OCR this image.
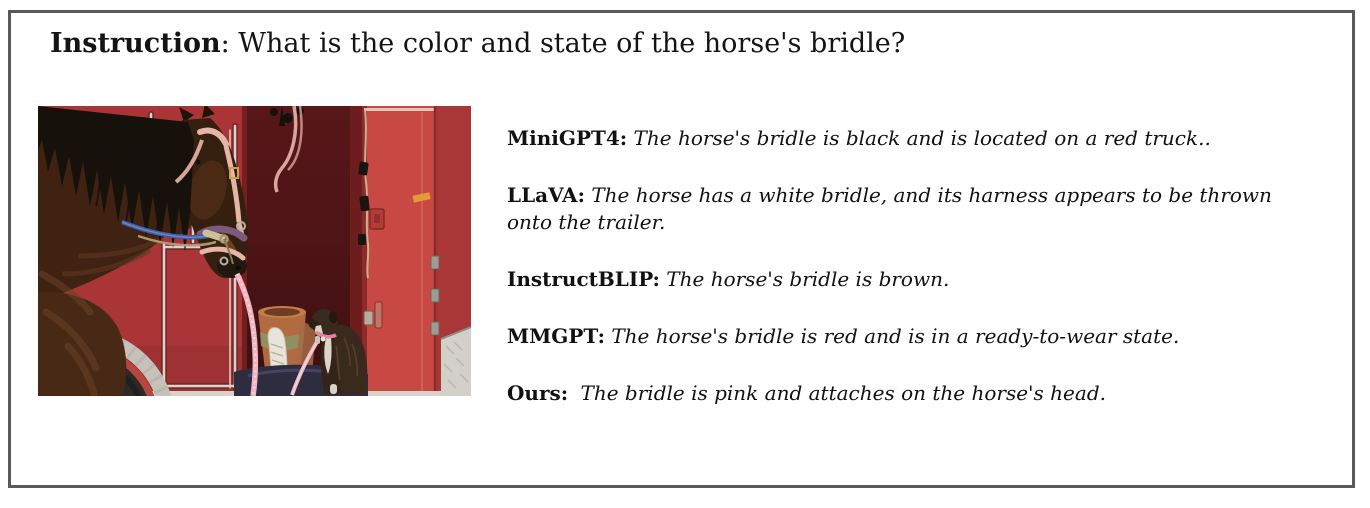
Instruction: What is the color and state of the horse's bridle?

MiniGPT4: The horse's bridle is black and is located on a red truck..

LLaVA: The horse has a white bridle, and its harness appears to be thrown onto the trailer.

InstructBLIP: The horse's bridle is brown.

MMGPT: The horse's bridle is red and is in a ready-to-wear state.

Ours: The bridle is pink and attaches on the horse's head.
